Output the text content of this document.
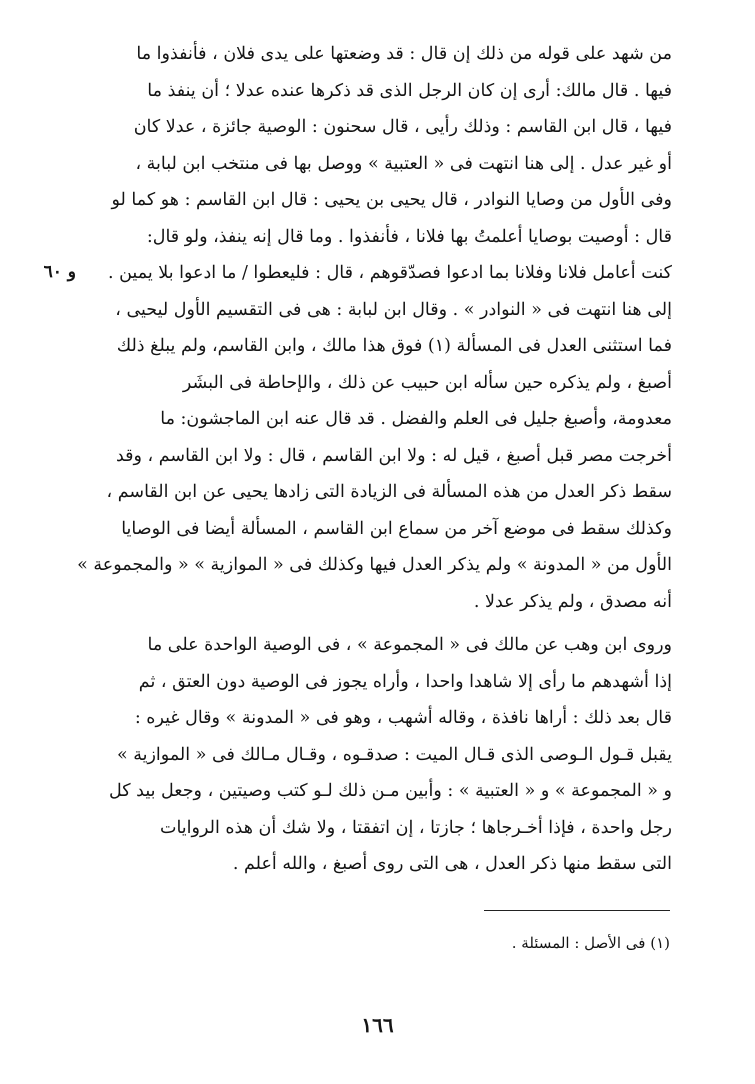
و ٦٠
من شهد على قوله من ذلك إن قال : قد وضعتها على يدى فلان ، فأنفذوا ما
فيها . قال مالك: أرى إن كان الرجل الذى قد ذكرها عنده عدلا ؛ أن ينفذ ما
فيها ، قال ابن القاسم : وذلك رأيى ، قال سحنون : الوصية جائزة ، عدلا كان
أو غير عدل . إلى هنا انتهت فى « العتبية » ووصل بها فى منتخب ابن لبابة ،
وفى الأول من وصايا النوادر ، قال يحيى بن يحيى : قال ابن القاسم : هو كما لو
قال : أوصيت بوصايا أعلمتُ بها فلانا ، فأنفذوا . وما قال إنه ينفذ، ولو قال:
كنت أعامل فلانا وفلانا بما ادعوا فصدّقوهم ، قال : فليعطوا / ما ادعوا بلا يمين .
إلى هنا انتهت فى « النوادر » . وقال ابن لبابة : هى فى التقسيم الأول ليحيى ،
فما استثنى العدل فى المسألة (١) فوق هذا مالك ، وابن القاسم، ولم يبلغ ذلك
أصبغ ، ولم يذكره حين سأله ابن حبيب عن ذلك ، والإحاطة فى البشَر
معدومة، وأصبغ جليل فى العلم والفضل . قد قال عنه ابن الماجشون: ما
أخرجت مصر قبل أصبغ ، قيل له : ولا ابن القاسم ، قال : ولا ابن القاسم ، وقد
سقط ذكر العدل من هذه المسألة فى الزيادة التى زادها يحيى عن ابن القاسم ،
وكذلك سقط فى موضع آخر من سماع ابن القاسم ، المسألة أيضا فى الوصايا
الأول من « المدونة » ولم يذكر العدل فيها وكذلك فى « الموازية » « والمجموعة »
أنه مصدق ، ولم يذكر عدلا .
وروى ابن وهب عن مالك فى « المجموعة » ، فى الوصية الواحدة على ما
إذا أشهدهم ما رأى إلا شاهدا واحدا ، وأراه يجوز فى الوصية دون العتق ، ثم
قال بعد ذلك : أراها نافذة ، وقاله أشهب ، وهو فى « المدونة » وقال غيره :
يقبل قـول الـوصى الذى قـال الميت : صدقـوه ، وقـال مـالك فى « الموازية »
و « المجموعة » و « العتبية » : وأبين مـن ذلك لـو كتب وصيتين ، وجعل بيد كل
رجل واحدة ، فإذا أخـرجاها ؛ جازتا ، إن اتفقتا ، ولا شك أن هذه الروايات
التى سقط منها ذكر العدل ، هى التى روى أصبغ ، والله أعلم .
(١) فى الأصل : المسئلة .
١٦٦
